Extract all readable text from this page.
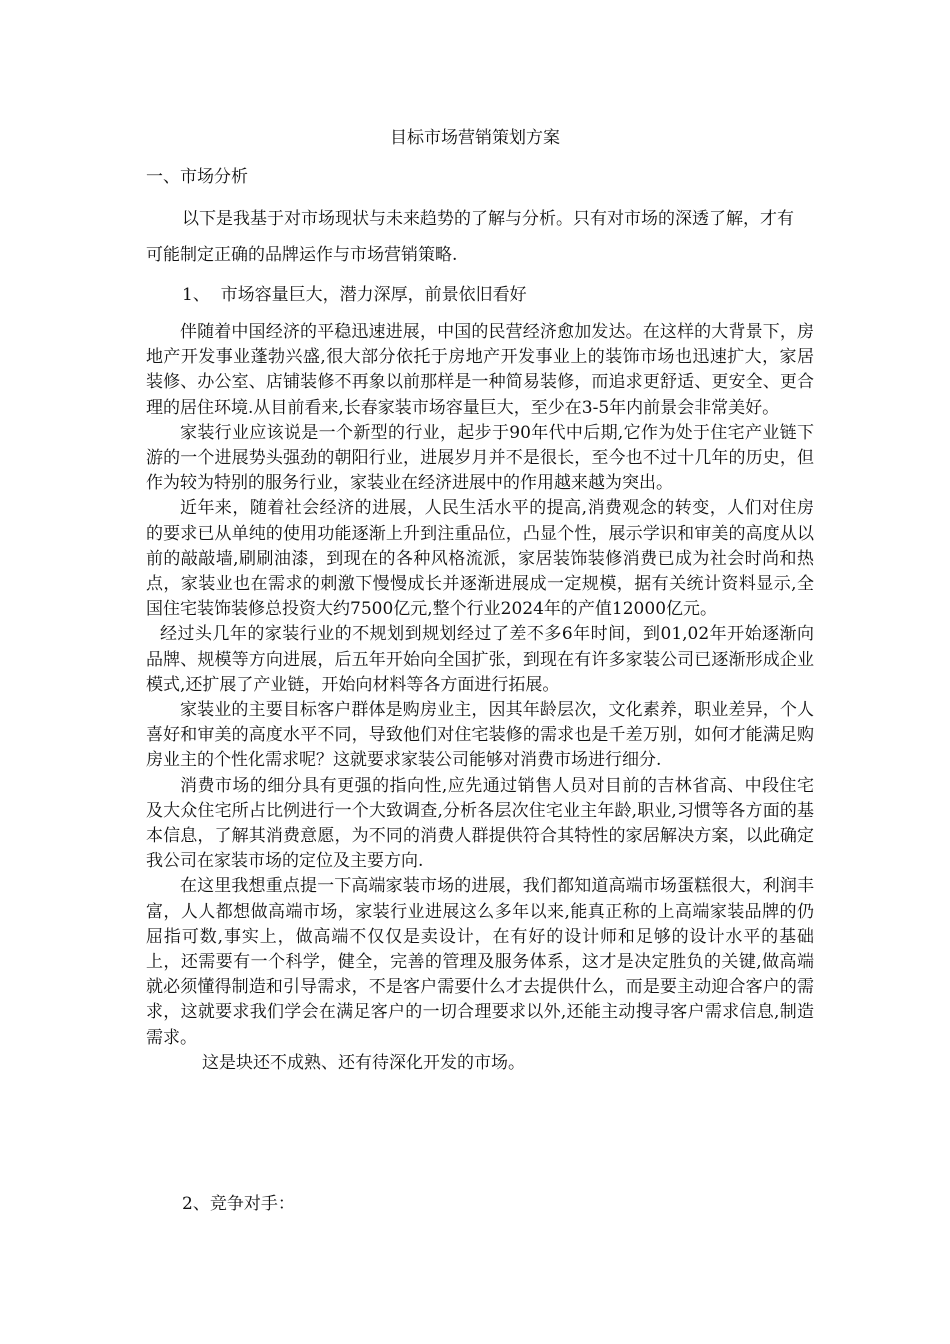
目标市场营销策划方案
一、市场分析

以下是我基于对市场现状与未来趋势的了解与分析。只有对市场的深透了解，才有可能制定正确的品牌运作与市场营销策略.

1、  市场容量巨大，潜力深厚，前景依旧看好

伴随着中国经济的平稳迅速进展，中国的民营经济愈加发达。在这样的大背景下，房地产开发事业蓬勃兴盛,很大部分依托于房地产开发事业上的装饰市场也迅速扩大，家居装修、办公室、店铺装修不再象以前那样是一种简易装修，而追求更舒适、更安全、更合理的居住环境.从目前看来,长春家装市场容量巨大，至少在3-5年内前景会非常美好。

家装行业应该说是一个新型的行业，起步于90年代中后期,它作为处于住宅产业链下游的一个进展势头强劲的朝阳行业，进展岁月并不是很长，至今也不过十几年的历史，但作为较为特别的服务行业，家装业在经济进展中的作用越来越为突出。

近年来，随着社会经济的进展，人民生活水平的提高,消费观念的转变，人们对住房的要求已从单纯的使用功能逐渐上升到注重品位，凸显个性，展示学识和审美的高度从以前的敲敲墙,刷刷油漆，到现在的各种风格流派，家居装饰装修消费已成为社会时尚和热点，家装业也在需求的刺激下慢慢成长并逐渐进展成一定规模，据有关统计资料显示,全国住宅装饰装修总投资大约7500亿元,整个行业2024年的产值12000亿元。

经过头几年的家装行业的不规划到规划经过了差不多6年时间，到01,02年开始逐渐向品牌、规模等方向进展，后五年开始向全国扩张，到现在有许多家装公司已逐渐形成企业模式,还扩展了产业链，开始向材料等各方面进行拓展。

家装业的主要目标客户群体是购房业主，因其年龄层次，文化素养，职业差异，个人喜好和审美的高度水平不同，导致他们对住宅装修的需求也是千差万别，如何才能满足购房业主的个性化需求呢？这就要求家装公司能够对消费市场进行细分.

消费市场的细分具有更强的指向性,应先通过销售人员对目前的吉林省高、中段住宅及大众住宅所占比例进行一个大致调查,分析各层次住宅业主年龄,职业,习惯等各方面的基本信息，了解其消费意愿，为不同的消费人群提供符合其特性的家居解决方案，以此确定我公司在家装市场的定位及主要方向.

在这里我想重点提一下高端家装市场的进展，我们都知道高端市场蛋糕很大，利润丰富，人人都想做高端市场，家装行业进展这么多年以来,能真正称的上高端家装品牌的仍屈指可数,事实上，做高端不仅仅是卖设计，在有好的设计师和足够的设计水平的基础上，还需要有一个科学，健全，完善的管理及服务体系，这才是决定胜负的关键,做高端就必须懂得制造和引导需求，不是客户需要什么才去提供什么，而是要主动迎合客户的需求，这就要求我们学会在满足客户的一切合理要求以外,还能主动搜寻客户需求信息,制造需求。

这是块还不成熟、还有待深化开发的市场。

2、竞争对手：
